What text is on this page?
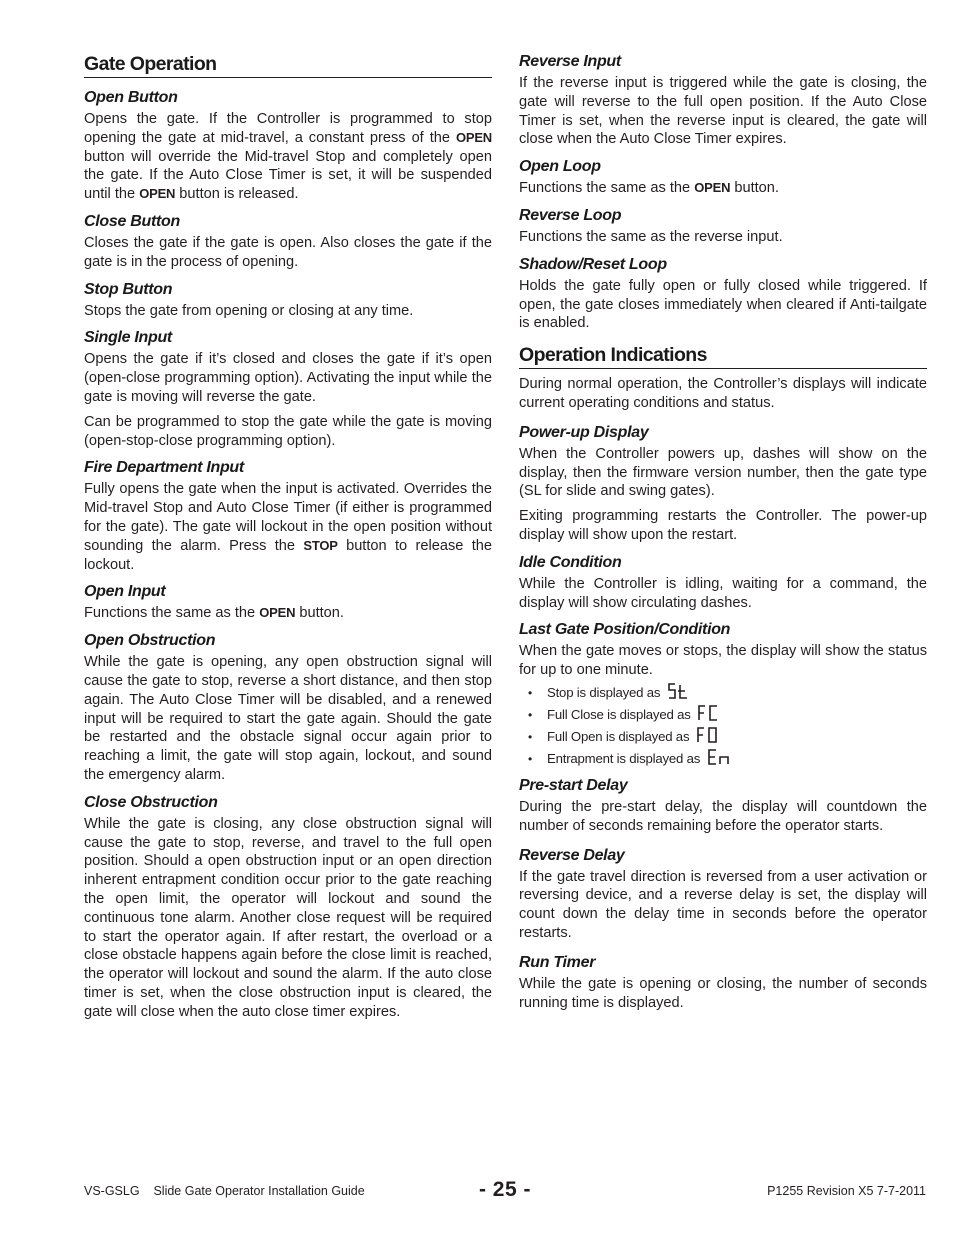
Gate Operation
Open Button

Opens the gate. If the Controller is programmed to stop opening the gate at mid-travel, a constant press of the OPEN button will override the Mid-travel Stop and completely open the gate. If the Auto Close Timer is set, it will be suspended until the OPEN button is released.

Close Button

Closes the gate if the gate is open. Also closes the gate if the gate is in the process of opening.

Stop Button

Stops the gate from opening or closing at any time.

Single Input

Opens the gate if it’s closed and closes the gate if it’s open (open-close programming option). Activating the input while the gate is moving will reverse the gate.

Can be programmed to stop the gate while the gate is moving (open-stop-close programming option).

Fire Department Input

Fully opens the gate when the input is activated. Overrides the Mid-travel Stop and Auto Close Timer (if either is programmed for the gate). The gate will lockout in the open position without sounding the alarm. Press the STOP button to release the lockout.

Open Input

Functions the same as the OPEN button.

Open Obstruction

While the gate is opening, any open obstruction signal will cause the gate to stop, reverse a short distance, and then stop again. The Auto Close Timer will be disabled, and a renewed input will be required to start the gate again. Should the gate be restarted and the obstacle signal occur again prior to reaching a limit, the gate will stop again, lockout, and sound the emergency alarm.

Close Obstruction

While the gate is closing, any close obstruction signal will cause the gate to stop, reverse, and travel to the full open position. Should a open obstruction input or an open direction inherent entrapment condition occur prior to the gate reaching the open limit, the operator will lockout and sound the continuous tone alarm. Another close request will be required to start the operator again. If after restart, the overload or a close obstacle happens again before the close limit is reached, the operator will lockout and sound the alarm. If the auto close timer is set, when the close obstruction input is cleared, the gate will close when the auto close timer expires.

Reverse Input

If the reverse input is triggered while the gate is closing, the gate will reverse to the full open position. If the Auto Close Timer is set, when the reverse input is cleared, the gate will close when the Auto Close Timer expires.

Open Loop

Functions the same as the OPEN button.

Reverse Loop

Functions the same as the reverse input.

Shadow/Reset Loop

Holds the gate fully open or fully closed while triggered. If open, the gate closes immediately when cleared if Anti-tailgate is enabled.

Operation Indications

During normal operation, the Controller’s displays will indicate current operating conditions and status.

Power-up Display

When the Controller powers up, dashes will show on the display, then the firmware version number, then the gate type (SL for slide and swing gates).

Exiting programming restarts the Controller. The power-up display will show upon the restart.

Idle Condition

While the Controller is idling, waiting for a command, the display will show circulating dashes.

Last Gate Position/Condition

When the gate moves or stops, the display will show the status for up to one minute.

• Stop is displayed as
• Full Close is displayed as
• Full Open is displayed as
• Entrapment is displayed as
Pre-start Delay

During the pre-start delay, the display will countdown the number of seconds remaining before the operator starts.

Reverse Delay

If the gate travel direction is reversed from a user activation or reversing device, and a reverse delay is set, the display will count down the delay time in seconds before the operator restarts.

Run Timer

While the gate is opening or closing, the number of seconds running time is displayed.

VS-GSLG    Slide Gate Operator Installation Guide	- 25 -	P1255 Revision X5 7-7-2011
